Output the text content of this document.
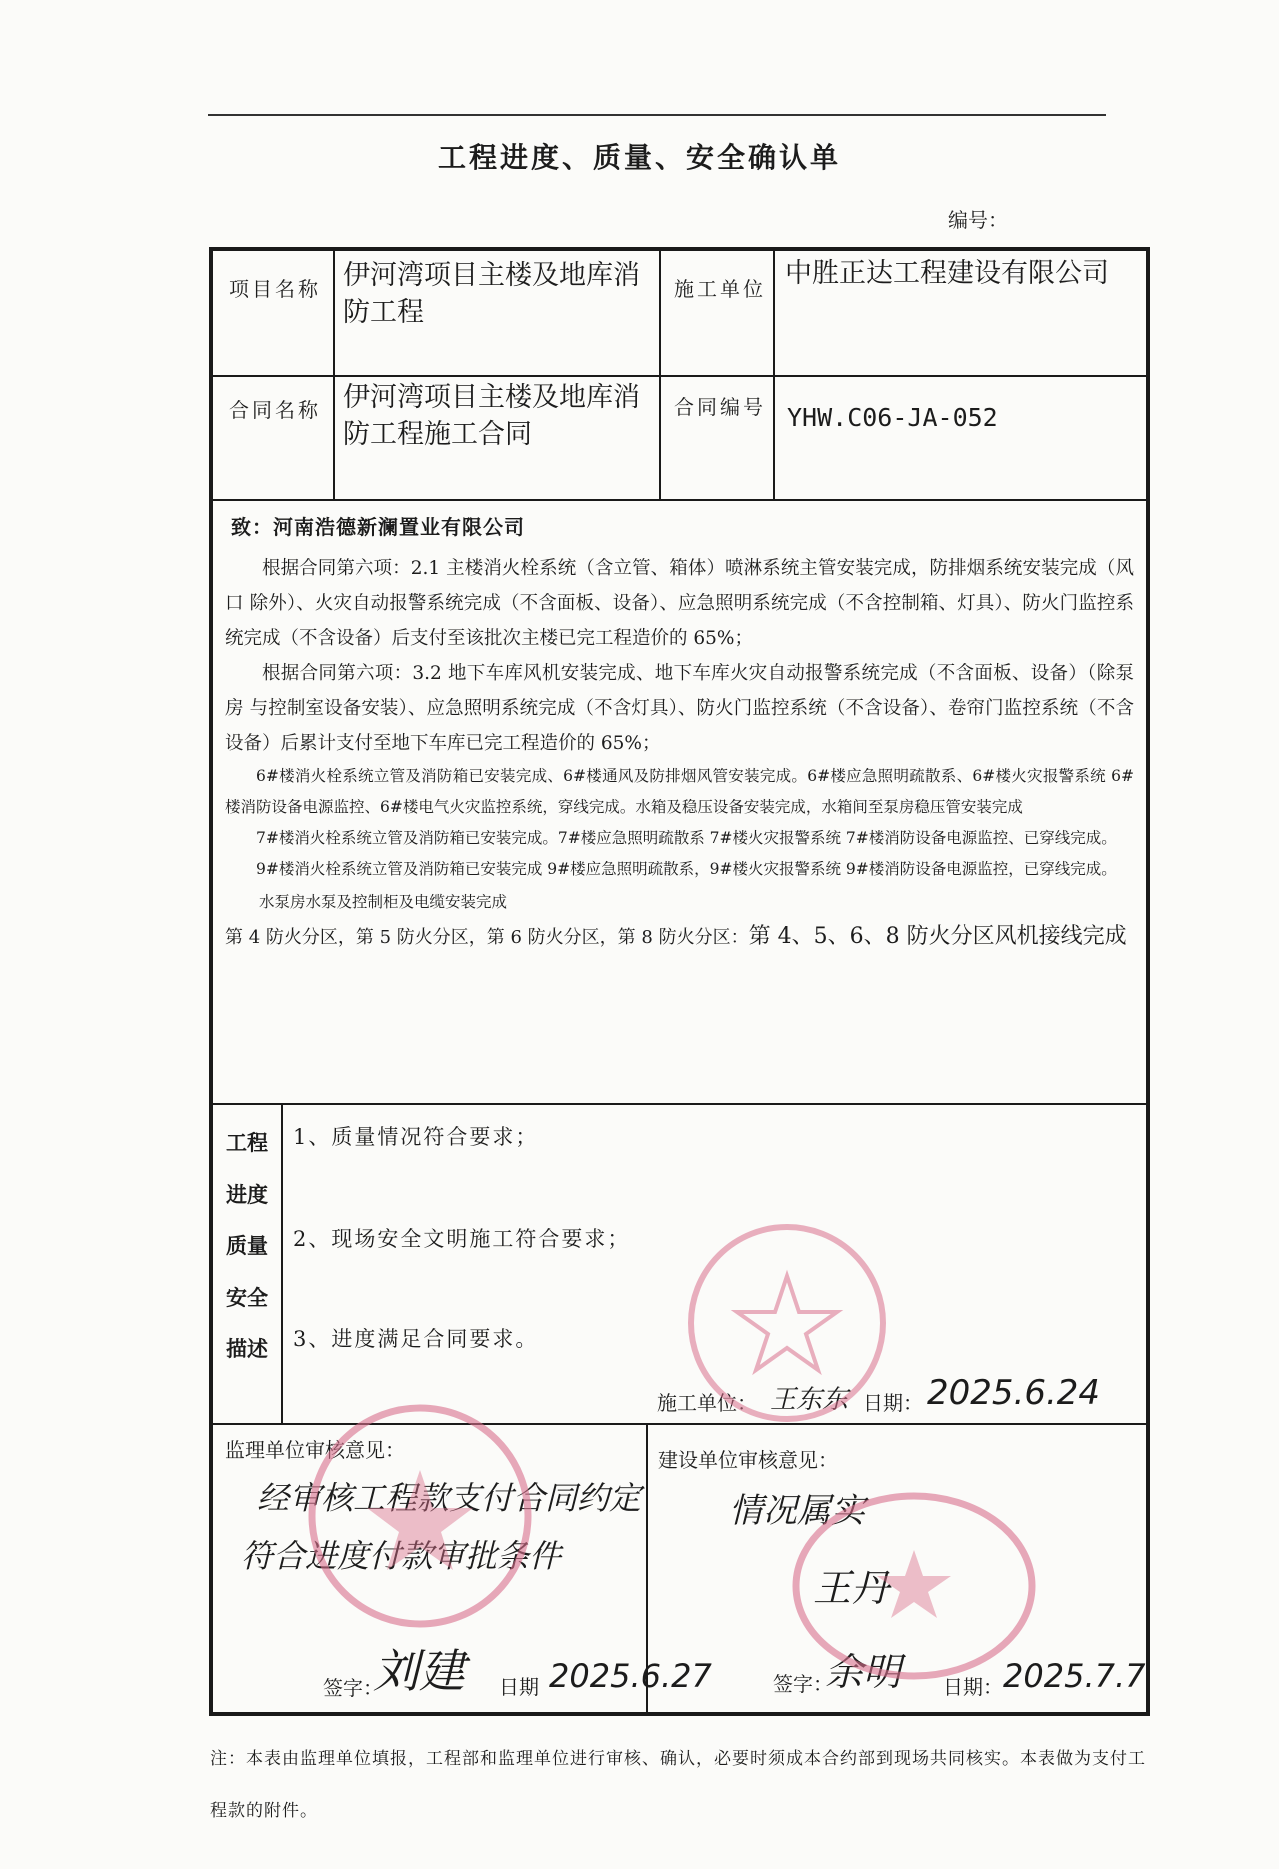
工程进度、质量、安全确认单
编号：
项目名称 伊河湾项目主楼及地库消防工程
施工单位 中胜正达工程建设有限公司
合同名称 伊河湾项目主楼及地库消防工程施工合同
合同编号 YHW.C06-JA-052
致：河南浩德新澜置业有限公司

根据合同第六项：2.1 主楼消火栓系统（含立管、箱体）喷淋系统主管安装完成，防排烟系统安装完成（风口 除外）、火灾自动报警系统完成（不含面板、设备）、应急照明系统完成（不含控制箱、灯具）、防火门监控系统完成（不含设备）后支付至该批次主楼已完工程造价的 65%；

根据合同第六项：3.2 地下车库风机安装完成、地下车库火灾自动报警系统完成（不含面板、设备）（除泵房 与控制室设备安装）、应急照明系统完成（不含灯具）、防火门监控系统（不含设备）、卷帘门监控系统（不含设备）后累计支付至地下车库已完工程造价的 65%；

6#楼消火栓系统立管及消防箱已安装完成、6#楼通风及防排烟风管安装完成。6#楼应急照明疏散系、6#楼火灾报警系统 6#楼消防设备电源监控、6#楼电气火灾监控系统，穿线完成。水箱及稳压设备安装完成，水箱间至泵房稳压管安装完成

7#楼消火栓系统立管及消防箱已安装完成。7#楼应急照明疏散系 7#楼火灾报警系统 7#楼消防设备电源监控、已穿线完成。

9#楼消火栓系统立管及消防箱已安装完成 9#楼应急照明疏散系，9#楼火灾报警系统 9#楼消防设备电源监控，已穿线完成。

水泵房水泵及控制柜及电缆安装完成

第 4 防火分区，第 5 防火分区，第 6 防火分区，第 8 防火分区：第 4、5、6、8 防火分区风机接线完成

工程
进度
质量
安全
描述
1、质量情况符合要求；
2、现场安全文明施工符合要求；
3、进度满足合同要求。
施工单位： 王东东 日期： 2025.6.24
监理单位审核意见：
经审核工程款支付合同约定
符合进度付款审批条件
签字：
刘建 日期 2025.6.27
建设单位审核意见：
情况属实
王丹
签字：
余明 日期： 2025.7.7
注：本表由监理单位填报，工程部和监理单位进行审核、确认，必要时须成本合约部到现场共同核实。本表做为支付工程款的附件。
